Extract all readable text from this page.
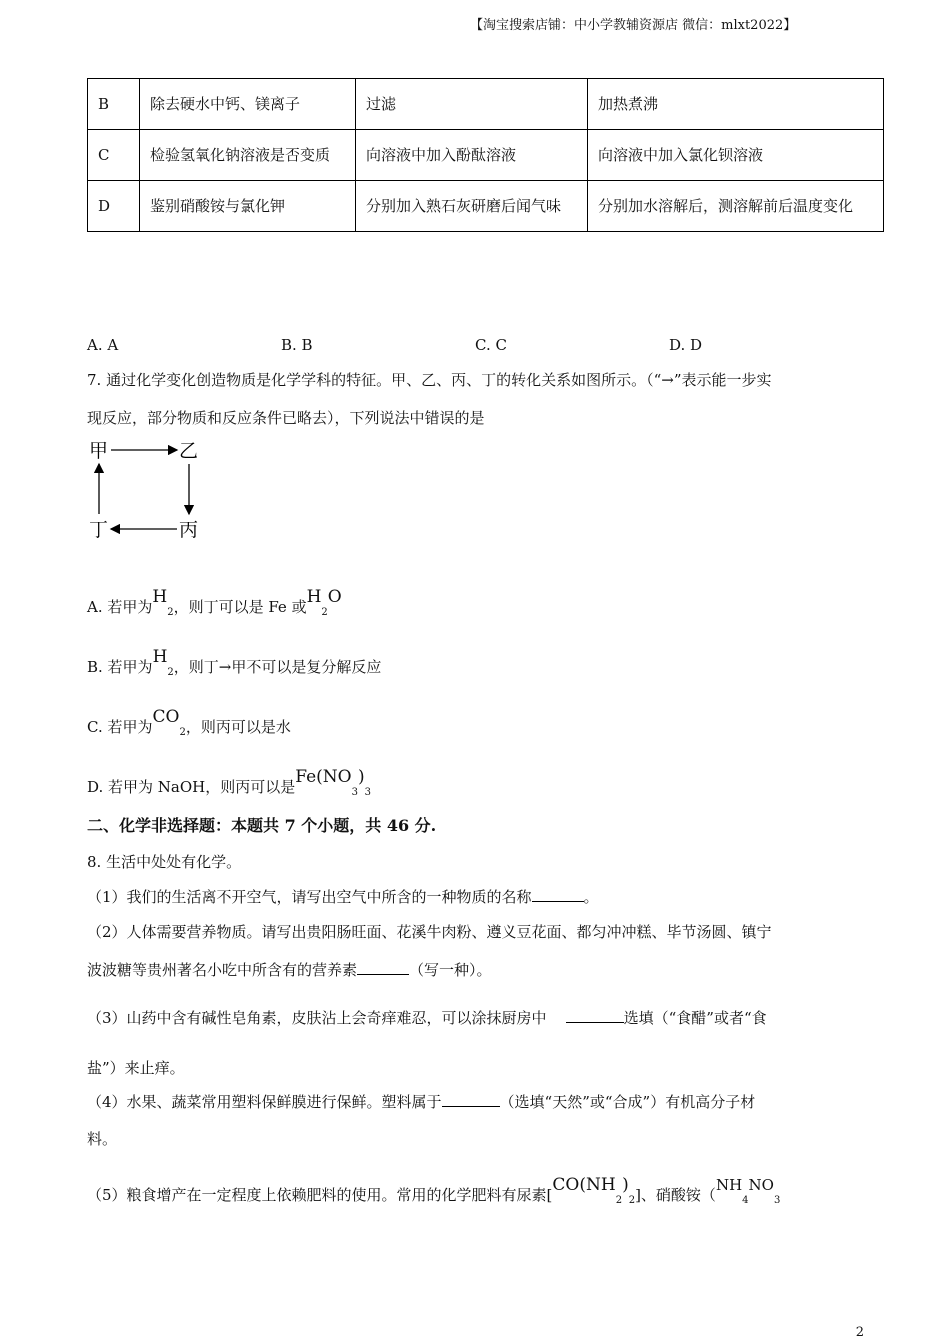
【淘宝搜索店铺：中小学教辅资源店 微信：mlxt2022】
B	除去硬水中钙、镁离子	过滤	加热煮沸
C	检验氢氧化钠溶液是否变质	向溶液中加入酚酞溶液	向溶液中加入氯化钡溶液
D	鉴别硝酸铵与氯化钾	分别加入熟石灰研磨后闻气味	分别加水溶解后，测溶解前后温度变化
A. A	B. B	C. C	D. D
7. 通过化学变化创造物质是化学学科的特征。甲、乙、丙、丁的转化关系如图所示。（“→”表示能一步实
现反应，部分物质和反应条件已略去），下列说法中错误的是
甲	乙
丙
丁
A. 若甲为$H_2$，则丁可以是 Fe 或$H_2O$
B. 若甲为$H_2$，则丁→甲不可以是复分解反应
C. 若甲为$CO_2$，则丙可以是水
D. 若甲为 NaOH，则丙可以是$Fe(NO_3)_3$
二、化学非选择题：本题共 7 个小题，共 46 分.
8. 生活中处处有化学。
（1）我们的生活离不开空气，请写出空气中所含的一种物质的名称	。
（2）人体需要营养物质。请写出贵阳肠旺面、花溪牛肉粉、遵义豆花面、都匀冲冲糕、毕节汤圆、镇宁
波波糖等贵州著名小吃中所含有的营养素	（写一种）。
（3）山药中含有碱性皂角素，皮肤沾上会奇痒难忍，可以涂抹厨房中	选填（“食醋”或者“食
盐”）来止痒。
（4）水果、蔬菜常用塑料保鲜膜进行保鲜。塑料属于	（选填“天然”或“合成”）有机高分子材
料。
（5）粮食增产在一定程度上依赖肥料的使用。常用的化学肥料有尿素$[CO(NH_2)_2]$、硝酸铵（$NH_4NO_3$
2
